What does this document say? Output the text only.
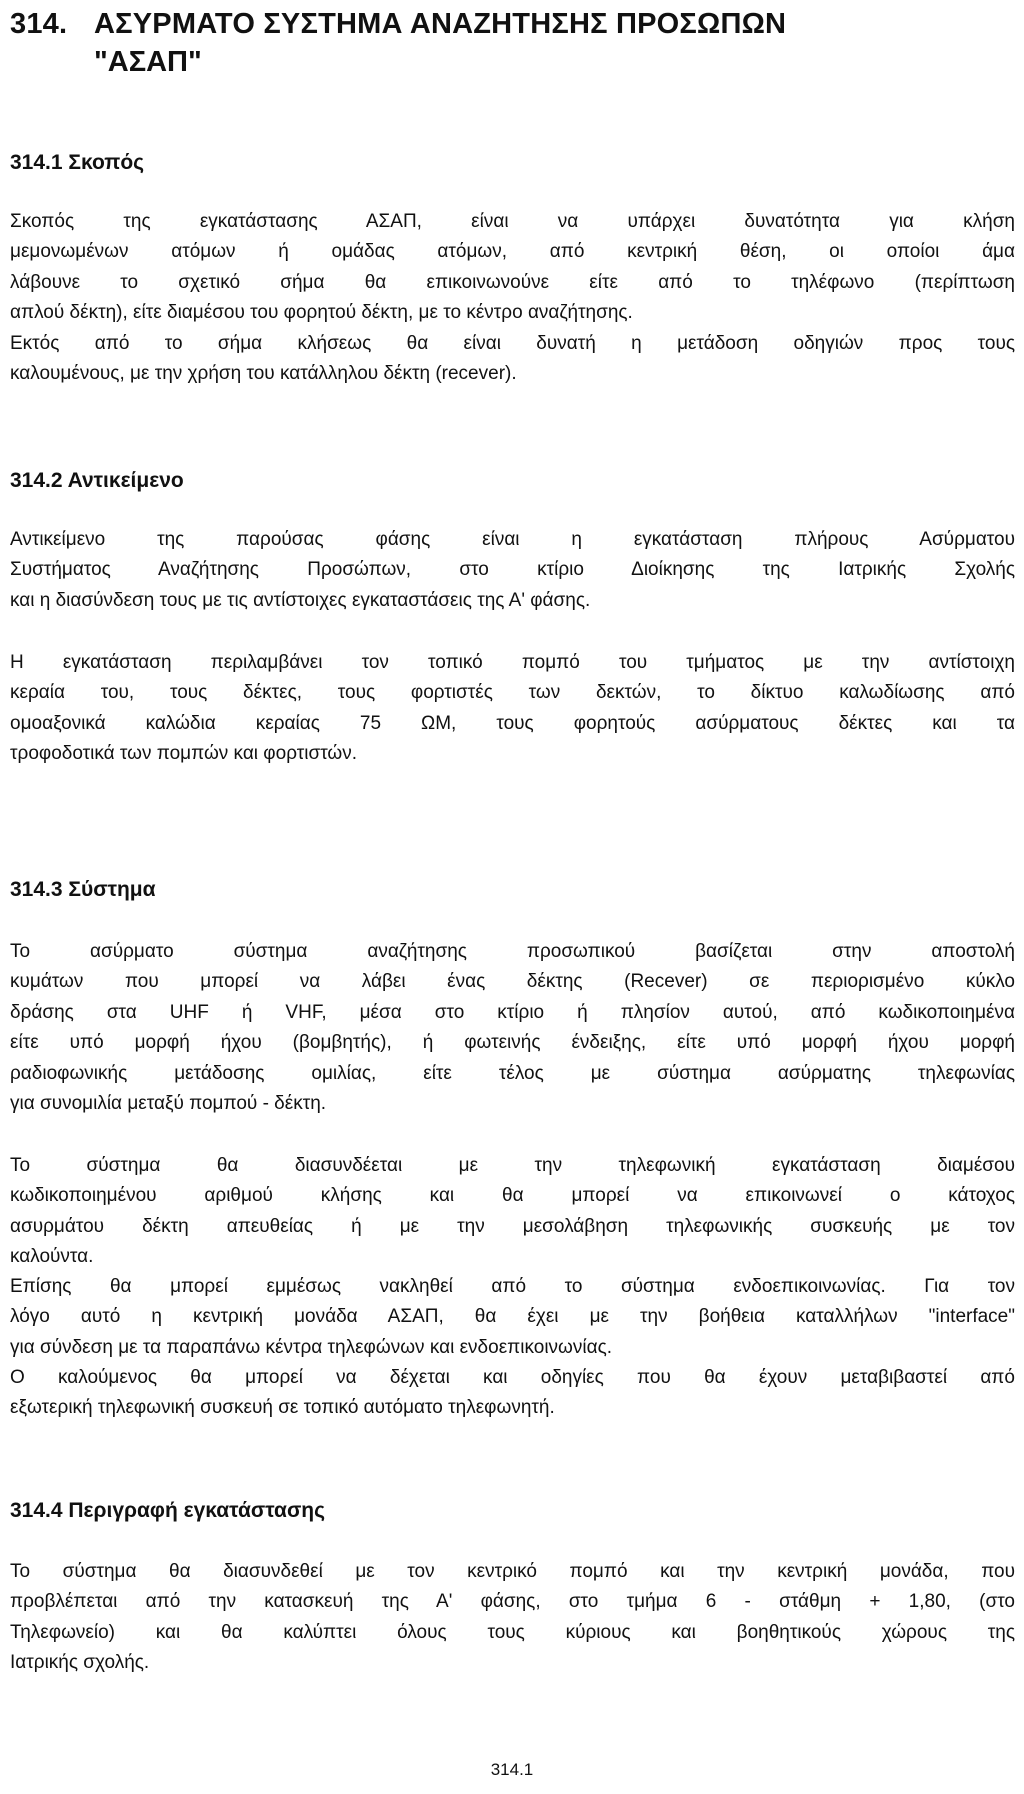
314. ΑΣΥΡΜΑΤΟ ΣΥΣΤΗΜΑ ΑΝΑΖΗΤΗΣΗΣ ΠΡΟΣΩΠΩΝ
"ΑΣΑΠ"
314.1 Σκοπός
Σκοπός της εγκατάστασης ΑΣΑΠ, είναι να υπάρχει δυνατότητα για κλήση
μεμονωμένων ατόμων ή ομάδας ατόμων, από κεντρική θέση, οι οποίοι άμα
λάβουνε το σχετικό σήμα θα επικοινωνούνε είτε από το τηλέφωνο (περίπτωση
απλού δέκτη), είτε διαμέσου του φορητού δέκτη, με το κέντρο αναζήτησης.
Εκτός από το σήμα κλήσεως θα είναι δυνατή η μετάδοση οδηγιών προς τους
καλουμένους, με την χρήση του κατάλληλου δέκτη (recever).
314.2 Αντικείμενο
Αντικείμενο της παρούσας φάσης είναι η εγκατάσταση πλήρους Ασύρματου
Συστήματος Αναζήτησης Προσώπων, στο κτίριο Διοίκησης της Ιατρικής Σχολής
και η διασύνδεση τους με τις αντίστοιχες εγκαταστάσεις της Α' φάσης.
Η εγκατάσταση περιλαμβάνει τον τοπικό πομπό του τμήματος με την αντίστοιχη
κεραία του, τους δέκτες, τους φορτιστές των δεκτών, το δίκτυο καλωδίωσης από
ομοαξονικά καλώδια κεραίας 75 ΩΜ, τους φορητούς ασύρματους δέκτες και τα
τροφοδοτικά των πομπών και φορτιστών.
314.3 Σύστημα
Το ασύρματο σύστημα αναζήτησης προσωπικού βασίζεται στην αποστολή
κυμάτων που μπορεί να λάβει ένας δέκτης (Recever) σε περιορισμένο κύκλο
δράσης στα UHF ή VHF, μέσα στο κτίριο ή πλησίον αυτού, από κωδικοποιημένα
είτε υπό μορφή ήχου (βομβητής), ή φωτεινής ένδειξης, είτε υπό μορφή ήχου μορφή
ραδιοφωνικής μετάδοσης ομιλίας, είτε τέλος με σύστημα ασύρματης τηλεφωνίας
για συνομιλία μεταξύ πομπού - δέκτη.
Το σύστημα θα διασυνδέεται με την τηλεφωνική εγκατάσταση διαμέσου
κωδικοποιημένου αριθμού κλήσης και θα μπορεί να επικοινωνεί ο κάτοχος
ασυρμάτου δέκτη απευθείας ή με την μεσολάβηση τηλεφωνικής συσκευής με τον
καλούντα.
Επίσης θα μπορεί εμμέσως νακληθεί από το σύστημα ενδοεπικοινωνίας. Για τον
λόγο αυτό η κεντρική μονάδα ΑΣΑΠ, θα έχει με την βοήθεια καταλλήλων "interface"
για σύνδεση με τα παραπάνω κέντρα τηλεφώνων και ενδοεπικοινωνίας.
Ο καλούμενος θα μπορεί να δέχεται και οδηγίες που θα έχουν μεταβιβαστεί από
εξωτερική τηλεφωνική συσκευή σε τοπικό αυτόματο τηλεφωνητή.
314.4 Περιγραφή εγκατάστασης
Το σύστημα θα διασυνδεθεί με τον κεντρικό πομπό και την κεντρική μονάδα, που
προβλέπεται από την κατασκευή της Α' φάσης, στο τμήμα 6 - στάθμη + 1,80, (στο
Τηλεφωνείο) και θα καλύπτει όλους τους κύριους και βοηθητικούς χώρους της
Ιατρικής σχολής.
314.1
